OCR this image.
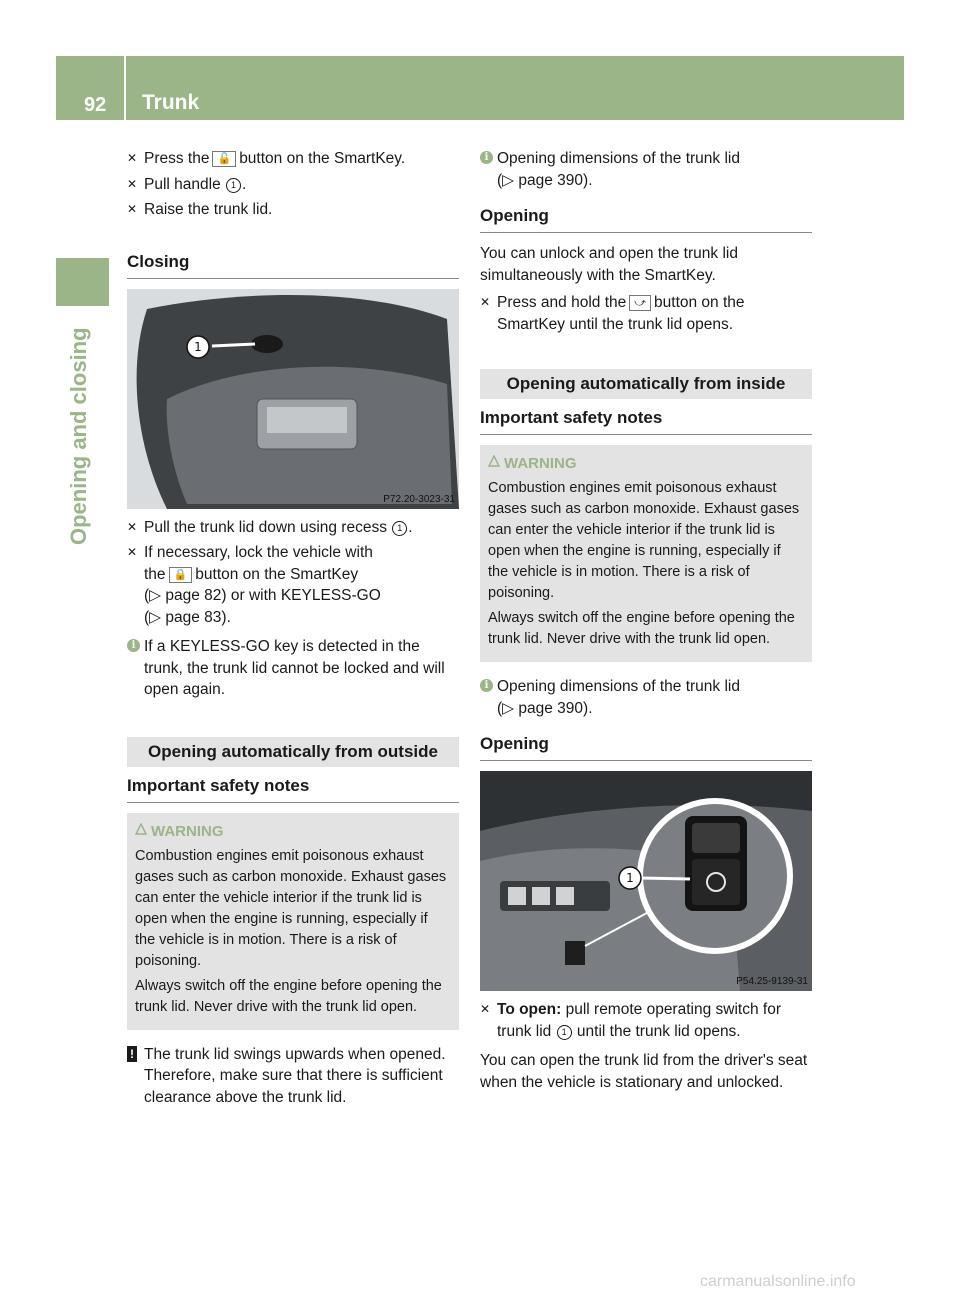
92 Trunk
Opening and closing
✕ Press the 🔓 button on the SmartKey.
✕ Pull handle 1 .
✕ Raise the trunk lid.
Closing
1
P72.20-3023-31
✕ Pull the trunk lid down using recess 1 .
✕ If necessary, lock the vehicle with
the 🔒 button on the SmartKey
(▷ page 82) or with KEYLESS-GO
(▷ page 83).
i If a KEYLESS-GO key is detected in the trunk, the trunk lid cannot be locked and will open again.
Opening automatically from outside
Important safety notes
WARNING

Combustion engines emit poisonous exhaust gases such as carbon monoxide. Exhaust gases can enter the vehicle interior if the trunk lid is open when the engine is running, especially if the vehicle is in motion. There is a risk of poisoning.

Always switch off the engine before opening the trunk lid. Never drive with the trunk lid open.

! The trunk lid swings upwards when opened. Therefore, make sure that there is sufficient clearance above the trunk lid.
i Opening dimensions of the trunk lid
(▷ page 390).
Opening
You can unlock and open the trunk lid simultaneously with the SmartKey.
✕ Press and hold the ⤻ button on the SmartKey until the trunk lid opens.
Opening automatically from inside
Important safety notes
WARNING

Combustion engines emit poisonous exhaust gases such as carbon monoxide. Exhaust gases can enter the vehicle interior if the trunk lid is open when the engine is running, especially if the vehicle is in motion. There is a risk of poisoning.

Always switch off the engine before opening the trunk lid. Never drive with the trunk lid open.

i Opening dimensions of the trunk lid
(▷ page 390).
Opening
1
P54.25-9139-31
✕ To open: pull remote operating switch for trunk lid 1 until the trunk lid opens.
You can open the trunk lid from the driver's seat when the vehicle is stationary and unlocked.
carmanualsonline.info
